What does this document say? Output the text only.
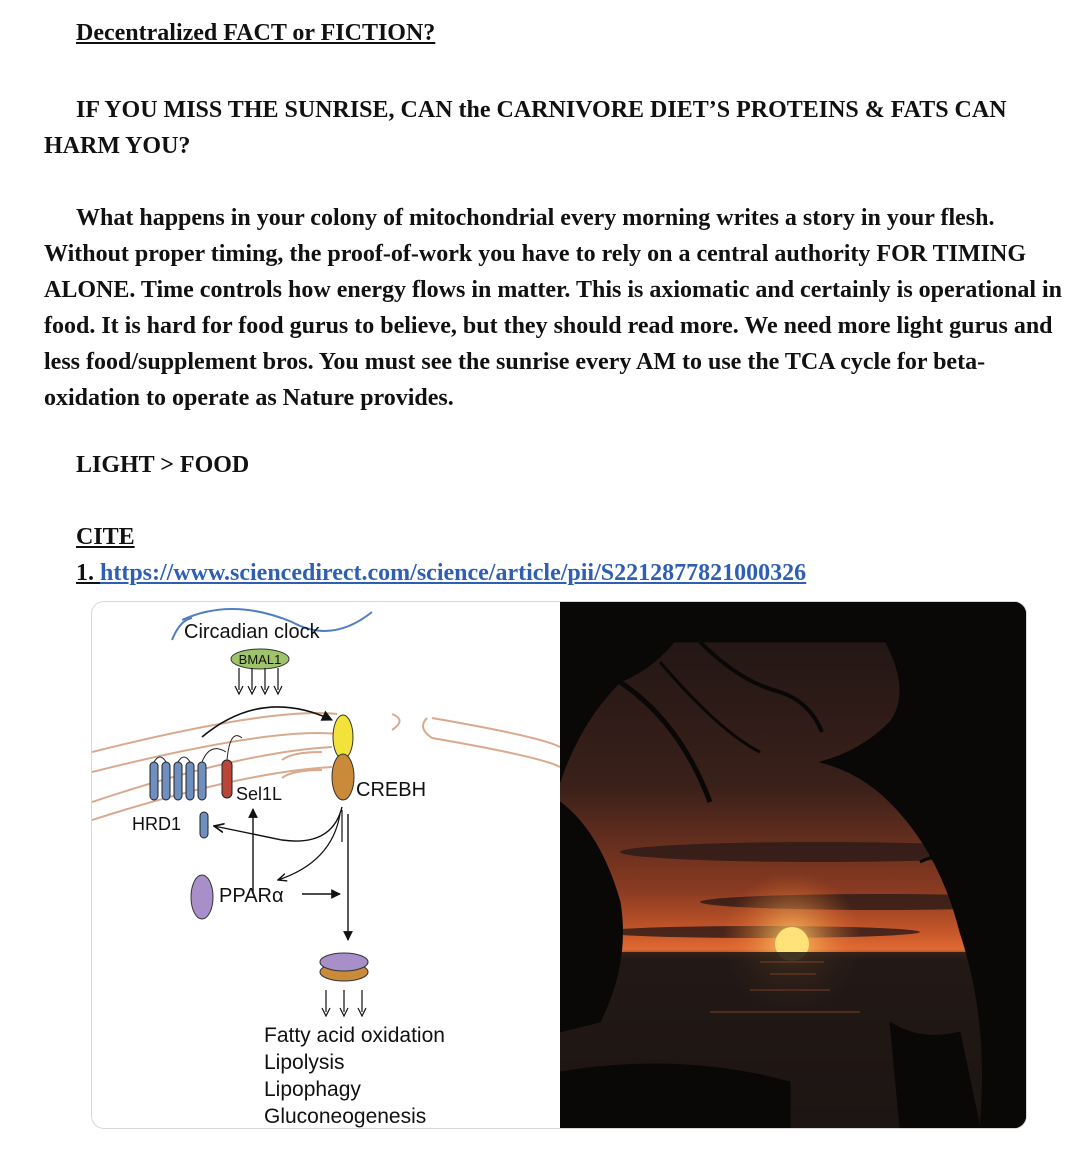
Decentralized FACT or FICTION?
IF YOU MISS THE SUNRISE, CAN the CARNIVORE DIET’S PROTEINS & FATS CAN HARM YOU?
What happens in your colony of mitochondrial every morning writes a story in your flesh. Without proper timing, the proof-of-work you have to rely on a central authority FOR TIMING ALONE. Time controls how energy flows in matter. This is axiomatic and certainly is operational in food. It is hard for food gurus to believe, but they should read more. We need more light gurus and less food/supplement bros. You must see the sunrise every AM to use the TCA cycle for beta-oxidation to operate as Nature provides.
LIGHT > FOOD
CITE
1. https://www.sciencedirect.com/science/article/pii/S2212877821000326
Circadian clock
BMAL1
Sel1L
HRD1
CREBH
PPARα
Fatty acid oxidation
Lipolysis
Lipophagy
Gluconeogenesis
